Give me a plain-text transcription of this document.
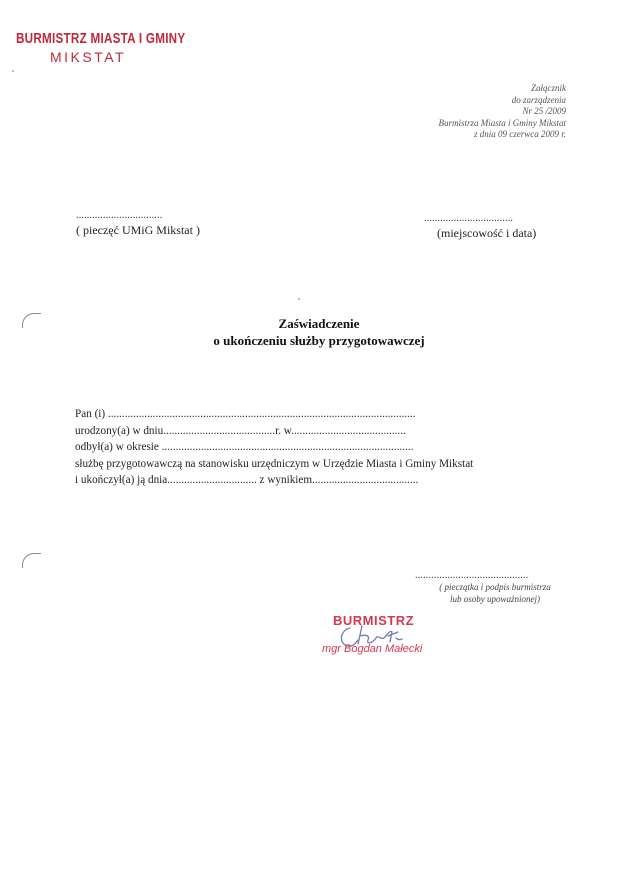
BURMISTRZ MIASTA I GMINY
MIKSTAT
Załącznik
do zarządzenia
Nr 25 /2009
Burmistrza Miasta i Gminy Mikstat
z dnia 09 czerwca 2009 r.
................................
( pieczęć UMiG Mikstat )
.................................
(miejscowość i data)
Zaświadczenie
o ukończeniu służby przygotowawczej
Pan (i) ..............................................................................................................
urodzony(a) w dniu........................................r. w.........................................
odbył(a) w okresie ..........................................................................................
służbę przygotowawczą na stanowisku urzędniczym w Urzędzie Miasta i Gminy Mikstat
i ukończył(a) ją dnia................................ z wynikiem......................................
..........................................
( pieczątka i podpis burmistrza
lub osoby upoważnionej)
BURMISTRZ
mgr Bogdan Małecki
